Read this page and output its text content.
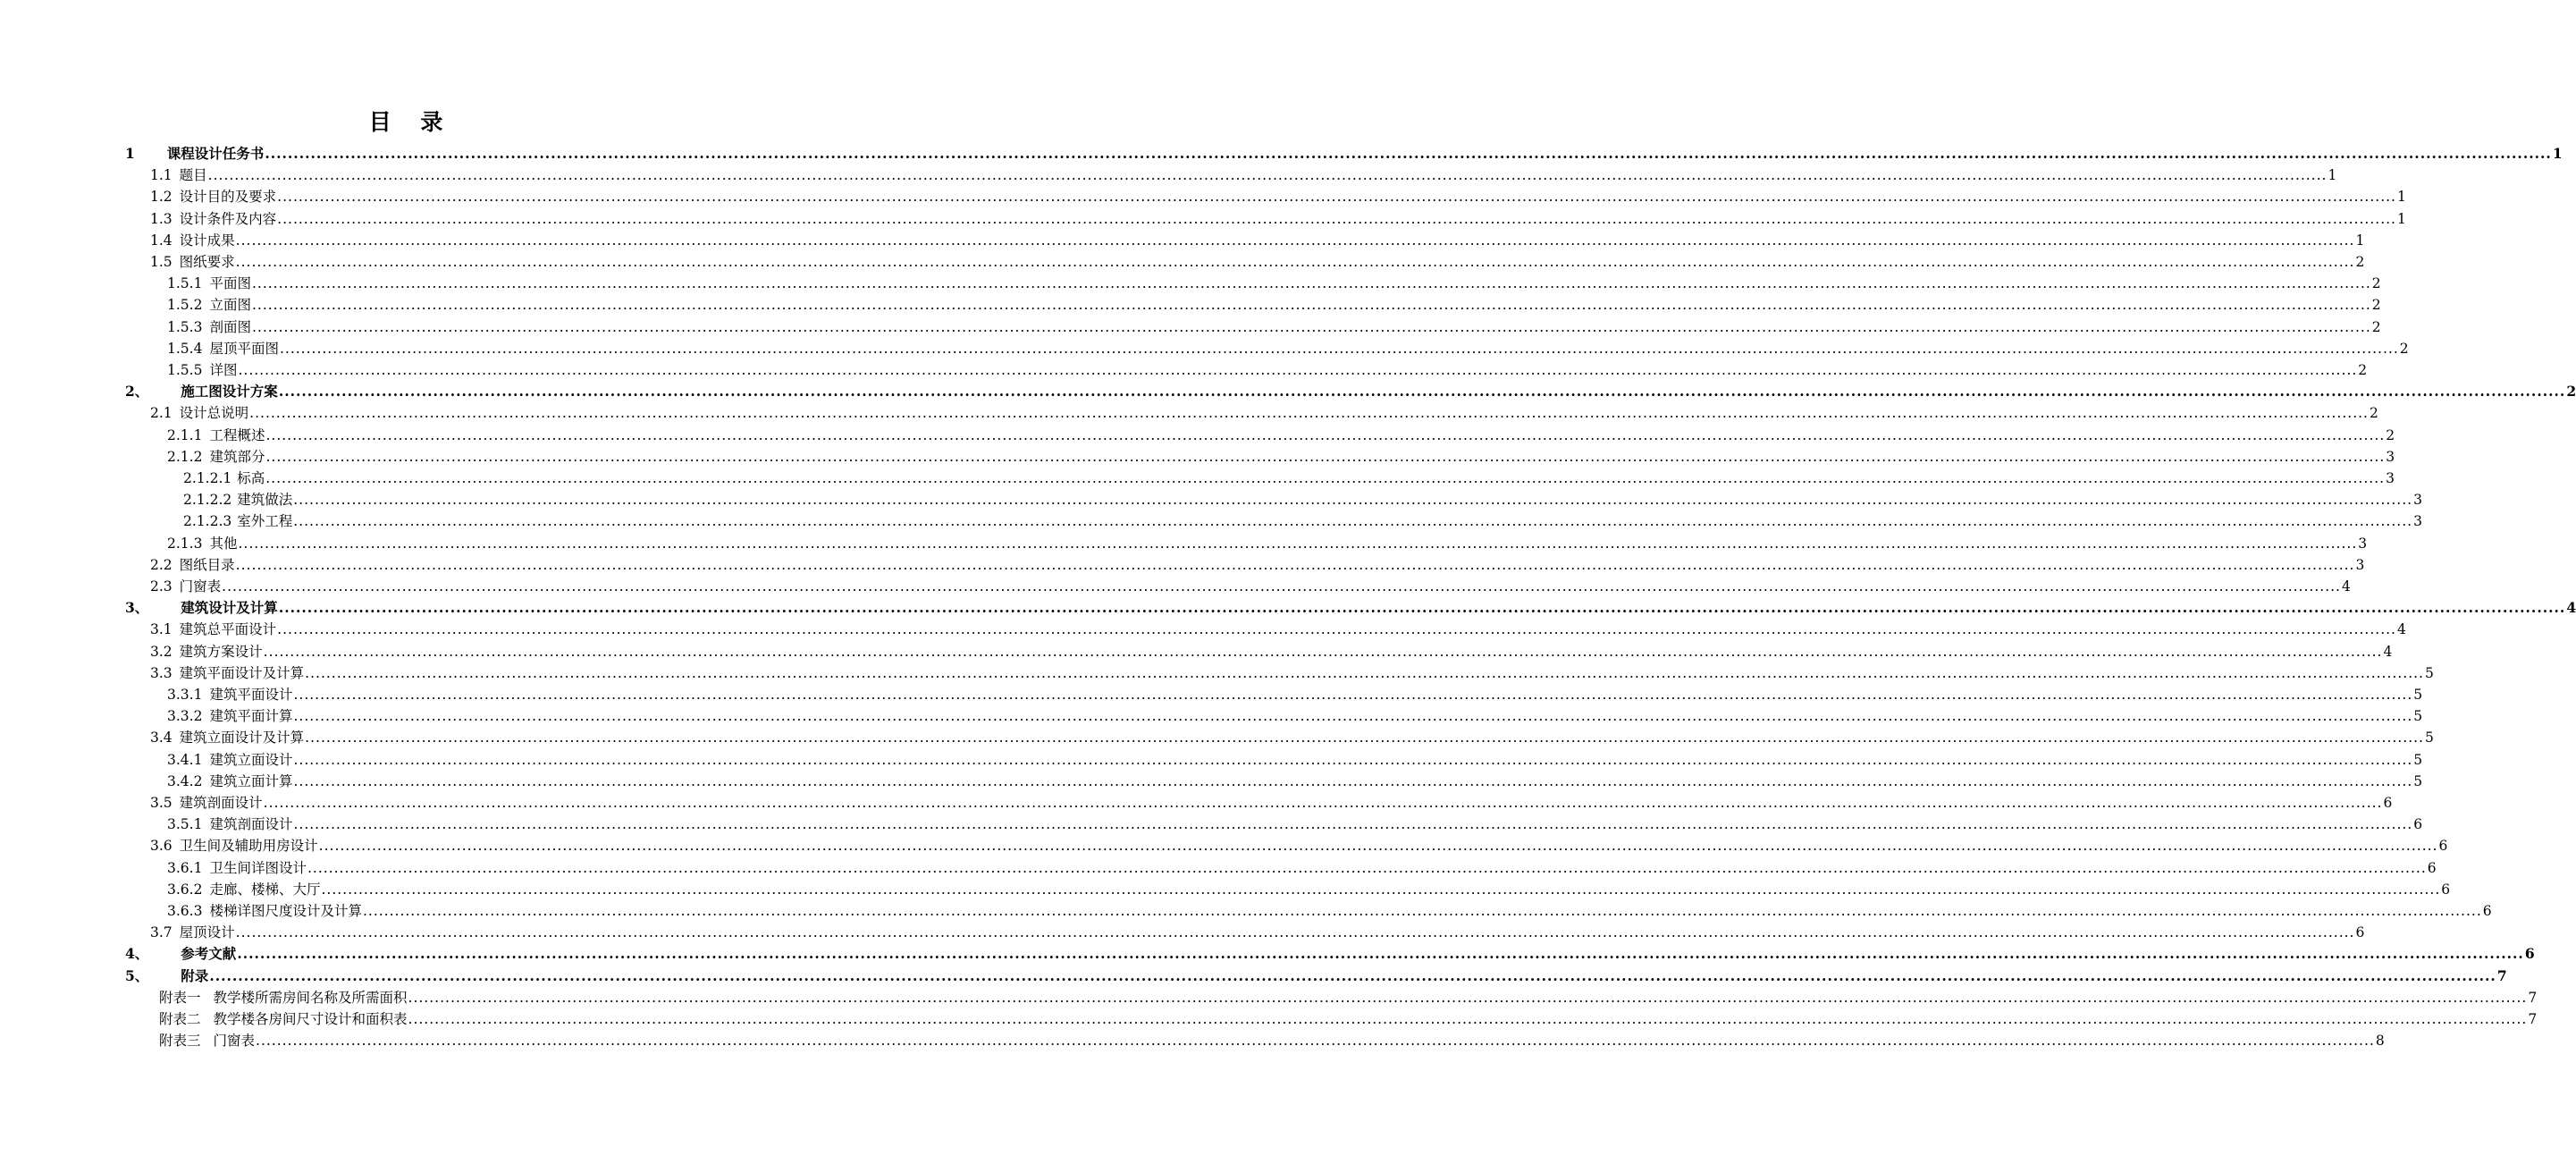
目 录
1 课程设计任务书 ................................................................................................................................................................................................................................................................................................................................................................................................................ 1
1.1 题目 ................................................................................................................................................................................................................................................................................................................................................................................................................ 1
1.2 设计目的及要求 ................................................................................................................................................................................................................................................................................................................................................................................................................ 1
1.3 设计条件及内容 ................................................................................................................................................................................................................................................................................................................................................................................................................ 1
1.4 设计成果 ................................................................................................................................................................................................................................................................................................................................................................................................................ 1
1.5 图纸要求 ................................................................................................................................................................................................................................................................................................................................................................................................................ 2
1.5.1 平面图 ................................................................................................................................................................................................................................................................................................................................................................................................................ 2
1.5.2 立面图 ................................................................................................................................................................................................................................................................................................................................................................................................................ 2
1.5.3 剖面图 ................................................................................................................................................................................................................................................................................................................................................................................................................ 2
1.5.4 屋顶平面图 ................................................................................................................................................................................................................................................................................................................................................................................................................ 2
1.5.5 详图 ................................................................................................................................................................................................................................................................................................................................................................................................................ 2
2、 施工图设计方案 ................................................................................................................................................................................................................................................................................................................................................................................................................ 2
2.1 设计总说明 ................................................................................................................................................................................................................................................................................................................................................................................................................ 2
2.1.1 工程概述 ................................................................................................................................................................................................................................................................................................................................................................................................................ 2
2.1.2 建筑部分 ................................................................................................................................................................................................................................................................................................................................................................................................................ 3
2.1.2.1 标高 ................................................................................................................................................................................................................................................................................................................................................................................................................ 3
2.1.2.2 建筑做法 ................................................................................................................................................................................................................................................................................................................................................................................................................ 3
2.1.2.3 室外工程 ................................................................................................................................................................................................................................................................................................................................................................................................................ 3
2.1.3 其他 ................................................................................................................................................................................................................................................................................................................................................................................................................ 3
2.2 图纸目录 ................................................................................................................................................................................................................................................................................................................................................................................................................ 3
2.3 门窗表 ................................................................................................................................................................................................................................................................................................................................................................................................................ 4
3、 建筑设计及计算 ................................................................................................................................................................................................................................................................................................................................................................................................................ 4
3.1 建筑总平面设计 ................................................................................................................................................................................................................................................................................................................................................................................................................ 4
3.2 建筑方案设计 ................................................................................................................................................................................................................................................................................................................................................................................................................ 4
3.3 建筑平面设计及计算 ................................................................................................................................................................................................................................................................................................................................................................................................................ 5
3.3.1 建筑平面设计 ................................................................................................................................................................................................................................................................................................................................................................................................................ 5
3.3.2 建筑平面计算 ................................................................................................................................................................................................................................................................................................................................................................................................................ 5
3.4 建筑立面设计及计算 ................................................................................................................................................................................................................................................................................................................................................................................................................ 5
3.4.1 建筑立面设计 ................................................................................................................................................................................................................................................................................................................................................................................................................ 5
3.4.2 建筑立面计算 ................................................................................................................................................................................................................................................................................................................................................................................................................ 5
3.5 建筑剖面设计 ................................................................................................................................................................................................................................................................................................................................................................................................................ 6
3.5.1 建筑剖面设计 ................................................................................................................................................................................................................................................................................................................................................................................................................ 6
3.6 卫生间及辅助用房设计 ................................................................................................................................................................................................................................................................................................................................................................................................................ 6
3.6.1 卫生间详图设计 ................................................................................................................................................................................................................................................................................................................................................................................................................ 6
3.6.2 走廊、楼梯、大厅 ................................................................................................................................................................................................................................................................................................................................................................................................................ 6
3.6.3 楼梯详图尺度设计及计算 ................................................................................................................................................................................................................................................................................................................................................................................................................ 6
3.7 屋顶设计 ................................................................................................................................................................................................................................................................................................................................................................................................................ 6
4、 参考文献 ................................................................................................................................................................................................................................................................................................................................................................................................................ 6
5、 附录 ................................................................................................................................................................................................................................................................................................................................................................................................................ 7
附表一 教学楼所需房间名称及所需面积 ................................................................................................................................................................................................................................................................................................................................................................................................................ 7
附表二 教学楼各房间尺寸设计和面积表 ................................................................................................................................................................................................................................................................................................................................................................................................................ 7
附表三 门窗表 ................................................................................................................................................................................................................................................................................................................................................................................................................ 8
